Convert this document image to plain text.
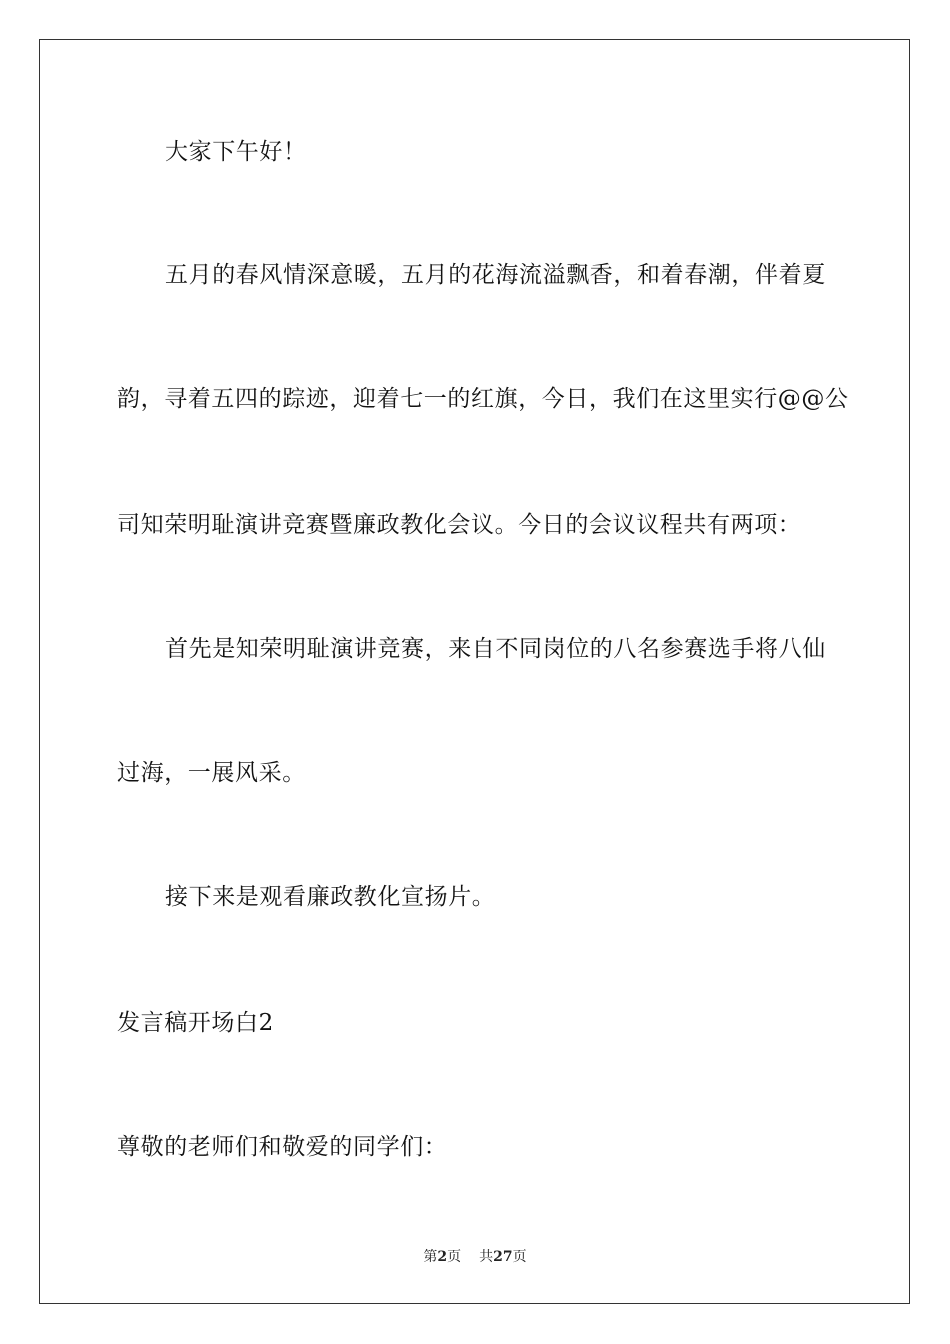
大家下午好！
五月的春风情深意暖，五月的花海流溢飘香，和着春潮，伴着夏
韵，寻着五四的踪迹，迎着七一的红旗，今日，我们在这里实行@@公
司知荣明耻演讲竞赛暨廉政教化会议。今日的会议议程共有两项：
首先是知荣明耻演讲竞赛，来自不同岗位的八名参赛选手将八仙
过海，一展风采。
接下来是观看廉政教化宣扬片。
发言稿开场白2
尊敬的老师们和敬爱的同学们：
第2页 共27页
